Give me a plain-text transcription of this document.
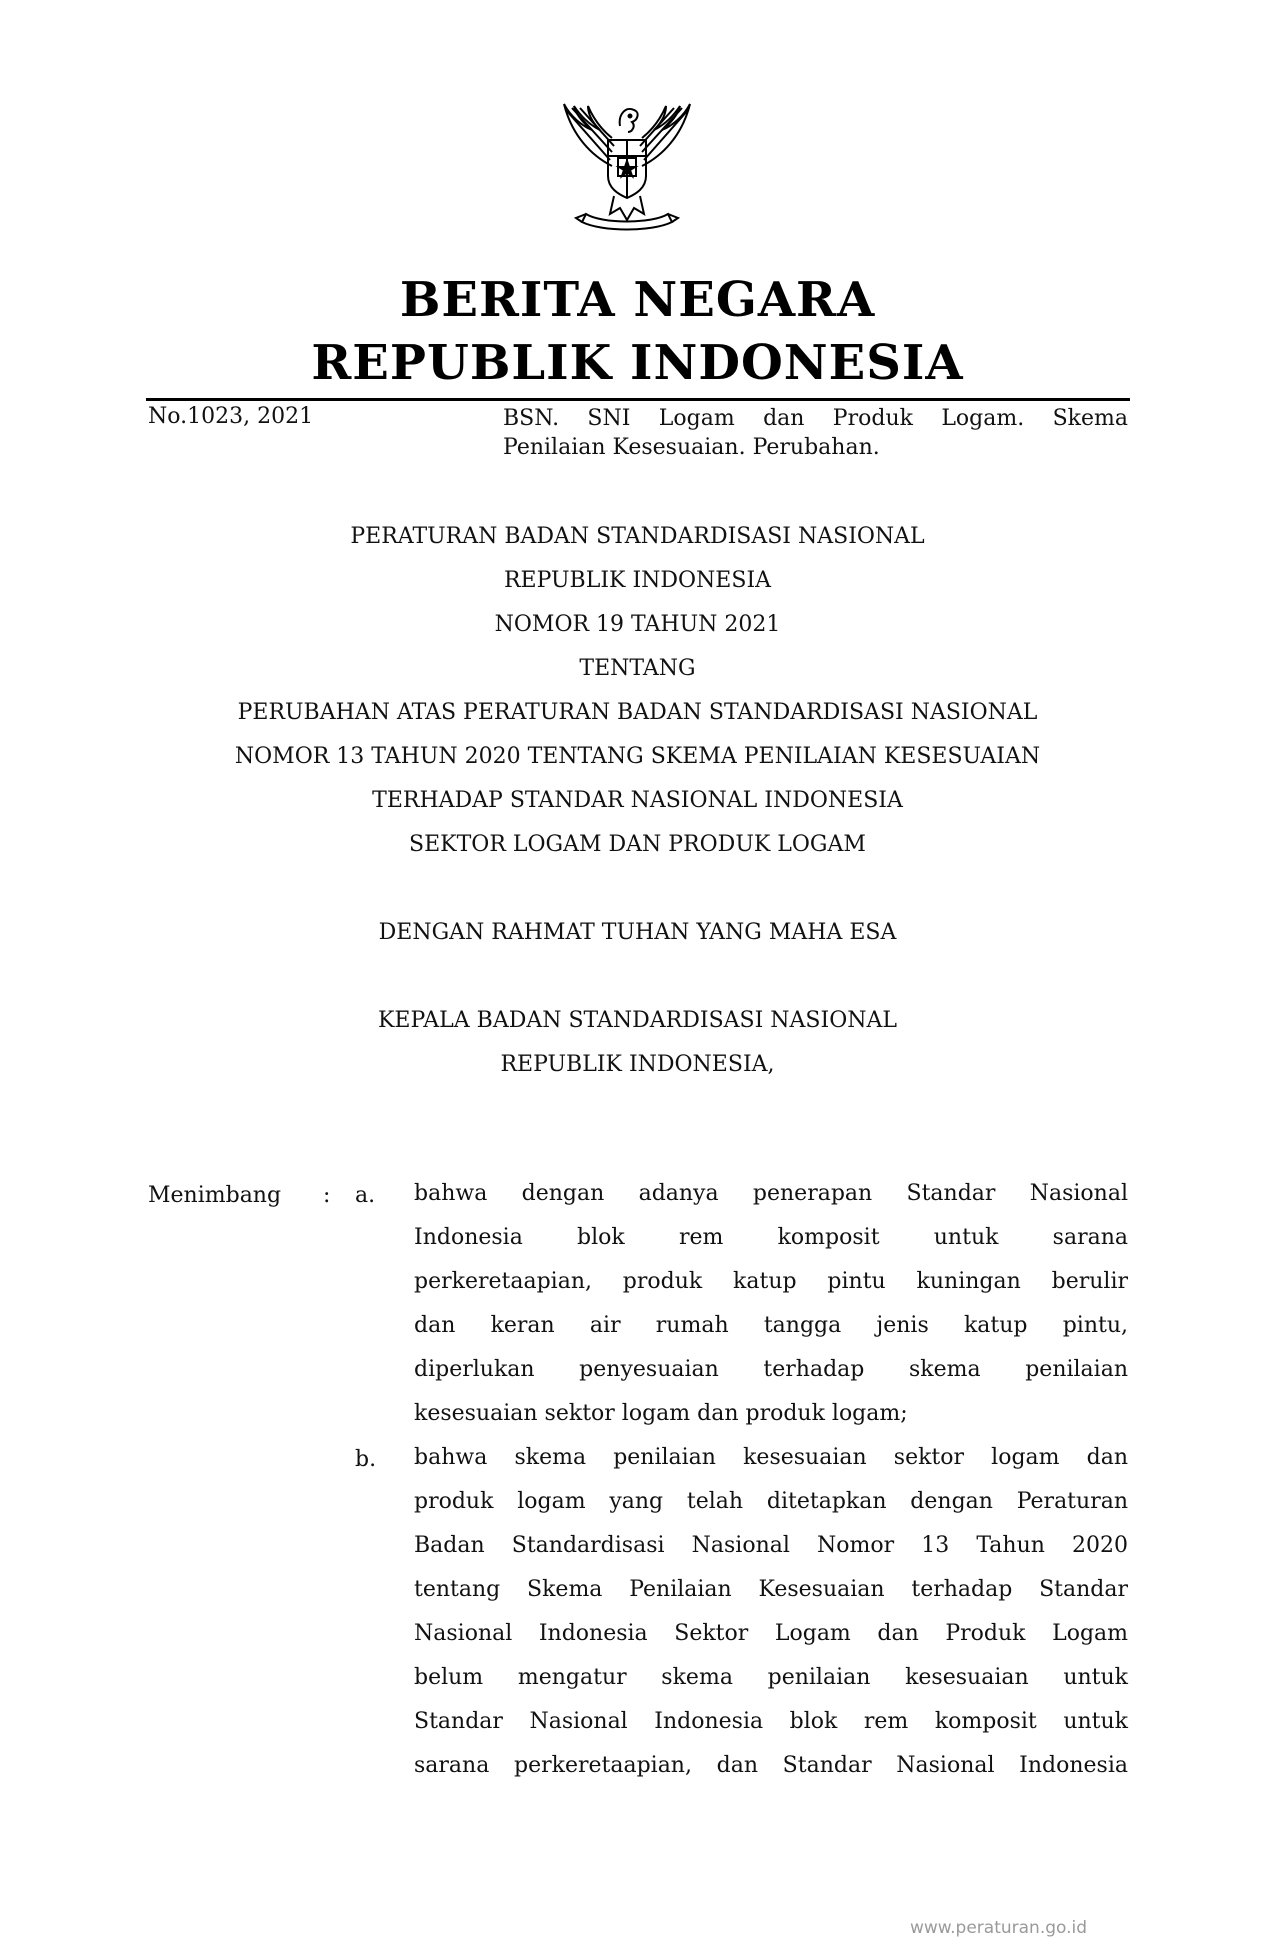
BERITA NEGARA
REPUBLIK INDONESIA
No.1023, 2021	BSN. SNI Logam dan Produk Logam. Skema
Penilaian Kesesuaian. Perubahan.
PERATURAN BADAN STANDARDISASI NASIONAL
REPUBLIK INDONESIA
NOMOR 19 TAHUN 2021
TENTANG
PERUBAHAN ATAS PERATURAN BADAN STANDARDISASI NASIONAL
NOMOR 13 TAHUN 2020 TENTANG SKEMA PENILAIAN KESESUAIAN
TERHADAP STANDAR NASIONAL INDONESIA
SEKTOR LOGAM DAN PRODUK LOGAM
DENGAN RAHMAT TUHAN YANG MAHA ESA
KEPALA BADAN STANDARDISASI NASIONAL
REPUBLIK INDONESIA,
Menimbang : a. bahwa dengan adanya penerapan Standar Nasional
Indonesia blok rem komposit untuk sarana
perkeretaapian, produk katup pintu kuningan berulir
dan keran air rumah tangga jenis katup pintu,
diperlukan penyesuaian terhadap skema penilaian
kesesuaian sektor logam dan produk logam;
b. bahwa skema penilaian kesesuaian sektor logam dan
produk logam yang telah ditetapkan dengan Peraturan
Badan Standardisasi Nasional Nomor 13 Tahun 2020
tentang Skema Penilaian Kesesuaian terhadap Standar
Nasional Indonesia Sektor Logam dan Produk Logam
belum mengatur skema penilaian kesesuaian untuk
Standar Nasional Indonesia blok rem komposit untuk
sarana perkeretaapian, dan Standar Nasional Indonesia
www.peraturan.go.id
